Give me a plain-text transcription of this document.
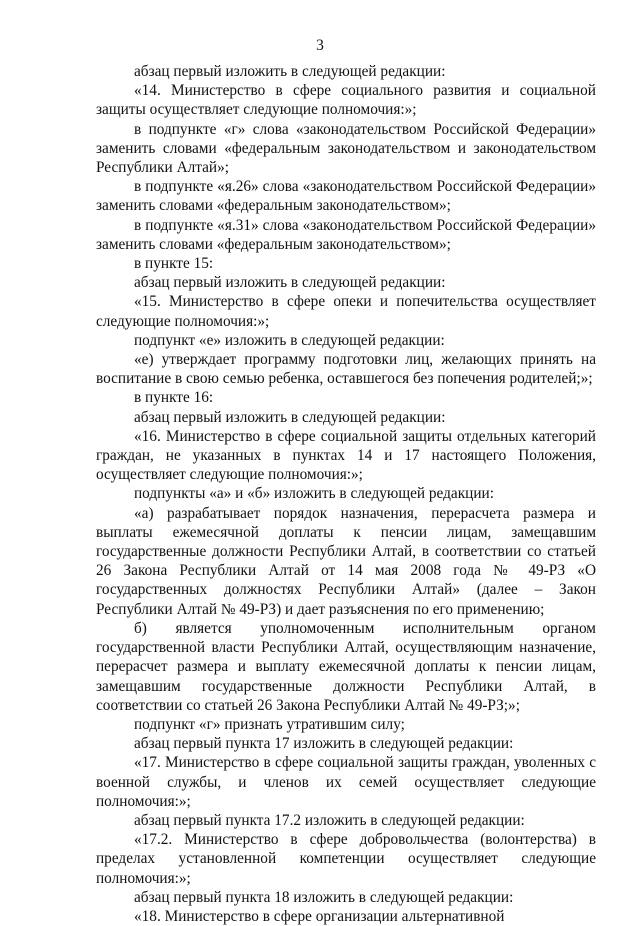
3

абзац первый изложить в следующей редакции:

«14. Министерство в сфере социального развития и социальной защиты осуществляет следующие полномочия:»;

в подпункте «г» слова «законодательством Российской Федерации» заменить словами «федеральным законодательством и законодательством Республики Алтай»;

в подпункте «я.26» слова «законодательством Российской Федерации» заменить словами «федеральным законодательством»;

в подпункте «я.31» слова «законодательством Российской Федерации» заменить словами «федеральным законодательством»;

в пункте 15:

абзац первый изложить в следующей редакции:

«15. Министерство в сфере опеки и попечительства осуществляет следующие полномочия:»;

подпункт «е» изложить в следующей редакции:

«е) утверждает программу подготовки лиц, желающих принять на воспитание в свою семью ребенка, оставшегося без попечения родителей;»;

в пункте 16:

абзац первый изложить в следующей редакции:

«16. Министерство в сфере социальной защиты отдельных категорий граждан, не указанных в пунктах 14 и 17 настоящего Положения, осуществляет следующие полномочия:»;

подпункты «а» и «б» изложить в следующей редакции:

«а) разрабатывает порядок назначения, перерасчета размера и выплаты ежемесячной доплаты к пенсии лицам, замещавшим государственные должности Республики Алтай, в соответствии со статьей 26 Закона Республики Алтай от 14 мая 2008 года № 49-РЗ «О государственных должностях Республики Алтай» (далее – Закон Республики Алтай № 49-РЗ) и дает разъяснения по его применению;

б) является уполномоченным исполнительным органом государственной власти Республики Алтай, осуществляющим назначение, перерасчет размера и выплату ежемесячной доплаты к пенсии лицам, замещавшим государственные должности Республики Алтай, в соответствии со статьей 26 Закона Республики Алтай № 49-РЗ;»;

подпункт «г» признать утратившим силу;

абзац первый пункта 17 изложить в следующей редакции:

«17. Министерство в сфере социальной защиты граждан, уволенных с военной службы, и членов их семей осуществляет следующие полномочия:»;

абзац первый пункта 17.2 изложить в следующей редакции:

«17.2. Министерство в сфере добровольчества (волонтерства) в пределах установленной компетенции осуществляет следующие полномочия:»;

абзац первый пункта 18 изложить в следующей редакции:

«18. Министерство в сфере организации альтернативной
